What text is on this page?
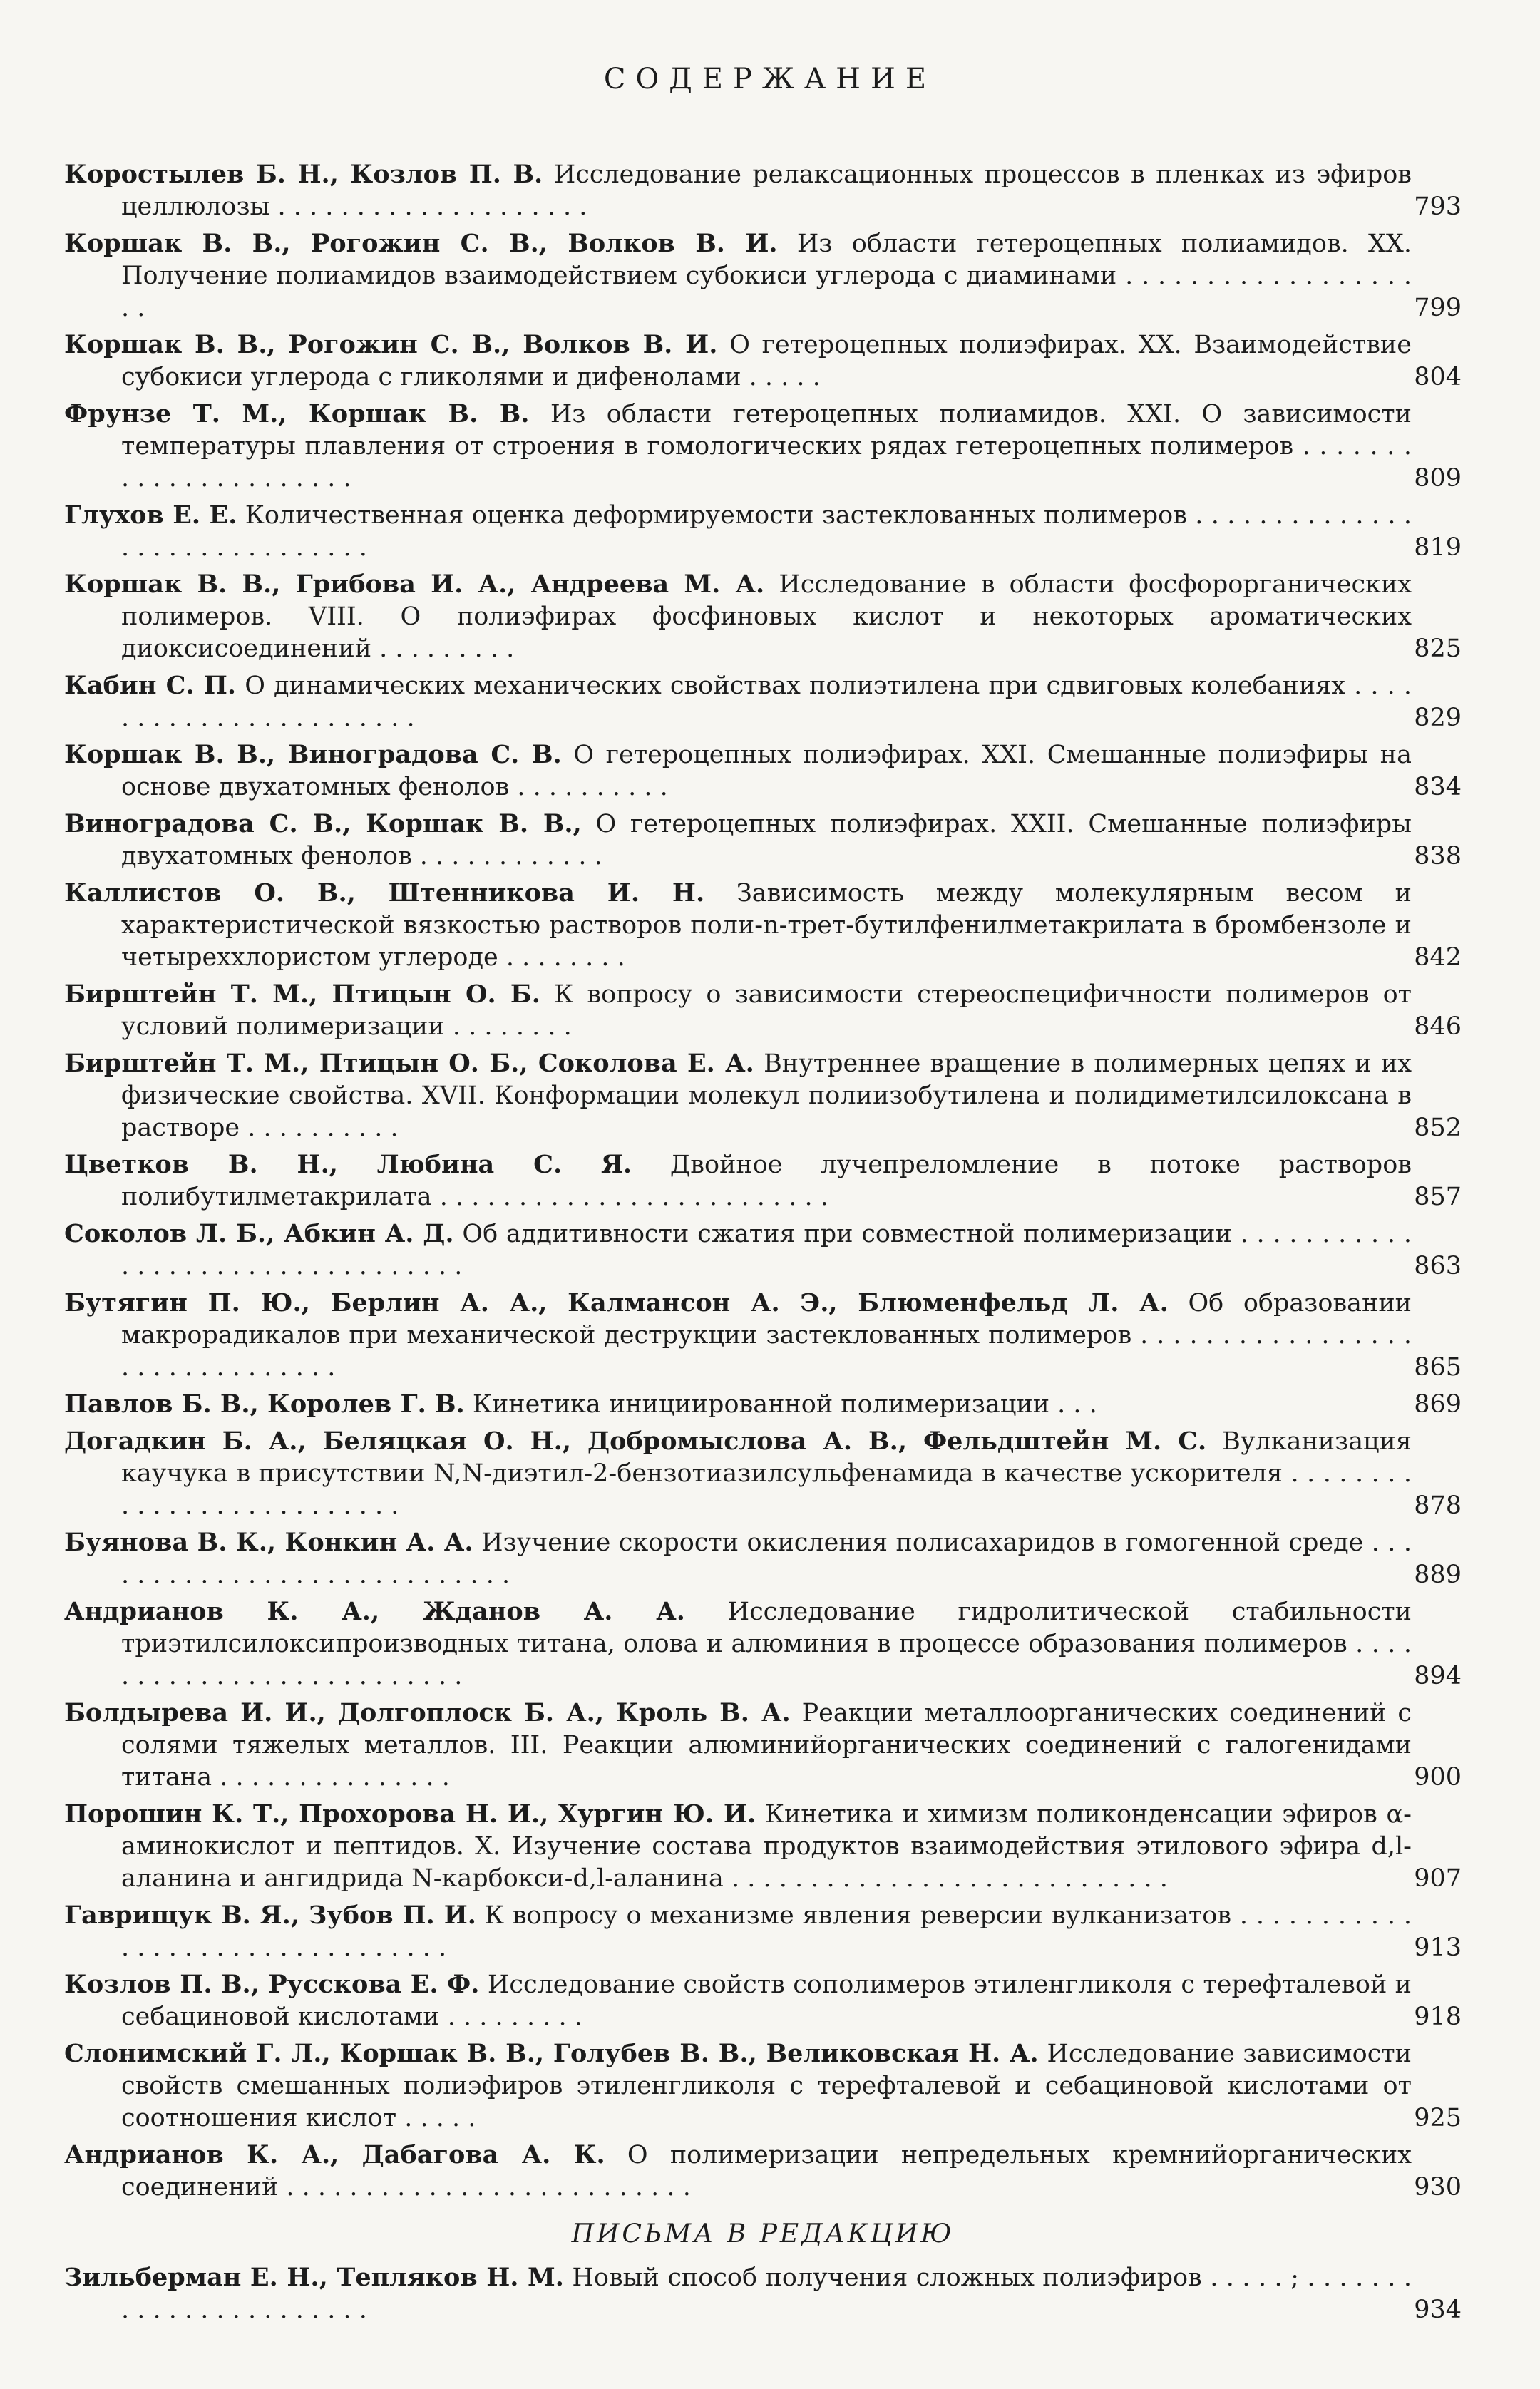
СОДЕРЖАНИЕ
Коростылев Б. Н., Козлов П. В. Исследование релаксационных процессов в пленках из эфиров целлюлозы . . . . . . . . . . . . . . . . . . . .	793
Коршак В. В., Рогожин С. В., Волков В. И. Из области гетероцепных полиамидов. XX. Получение полиамидов взаимодействием субокиси углерода с диаминами . . . . . . . . . . . . . . . . . . . .	799
Коршак В. В., Рогожин С. В., Волков В. И. О гетероцепных полиэфирах. XX. Взаимодействие субокиси углерода с гликолями и дифенолами . . . . .	804
Фрунзе Т. М., Коршак В. В. Из области гетероцепных полиамидов. XXI. О зависимости температуры плавления от строения в гомологических рядах гетероцепных полимеров . . . . . . . . . . . . . . . . . . . . . .	809
Глухов Е. Е. Количественная оценка деформируемости застеклованных полимеров . . . . . . . . . . . . . . . . . . . . . . . . . . . . . .	819
Коршак В. В., Грибова И. А., Андреева М. А. Исследование в области фосфорорганических полимеров. VIII. О полиэфирах фосфиновых кислот и некоторых ароматических диоксисоединений . . . . . . . . .	825
Кабин С. П. О динамических механических свойствах полиэтилена при сдвиговых колебаниях . . . . . . . . . . . . . . . . . . . . . . .	829
Коршак В. В., Виноградова С. В. О гетероцепных полиэфирах. XXI. Смешанные полиэфиры на основе двухатомных фенолов . . . . . . . . . .	834
Виноградова С. В., Коршак В. В., О гетероцепных полиэфирах. XXII. Смешанные полиэфиры двухатомных фенолов . . . . . . . . . . . .	838
Каллистов О. В., Штенникова И. Н. Зависимость между молекулярным весом и характеристической вязкостью растворов поли-n-трет-бутилфенилметакрилата в бромбензоле и четыреххлористом углероде . . . . . . . .	842
Бирштейн Т. М., Птицын О. Б. К вопросу о зависимости стереоспецифичности полимеров от условий полимеризации . . . . . . . .	846
Бирштейн Т. М., Птицын О. Б., Соколова Е. А. Внутреннее вращение в полимерных цепях и их физические свойства. XVII. Конформации молекул полиизобутилена и полидиметилсилоксана в растворе . . . . . . . . . .	852
Цветков В. Н., Любина С. Я. Двойное лучепреломление в потоке растворов полибутилметакрилата . . . . . . . . . . . . . . . . . . . . . . . . .	857
Соколов Л. Б., Абкин А. Д. Об аддитивности сжатия при совместной полимеризации . . . . . . . . . . . . . . . . . . . . . . . . . . . . . . . . .	863
Бутягин П. Ю., Берлин А. А., Калмансон А. Э., Блюменфельд Л. А. Об образовании макрорадикалов при механической деструкции застеклованных полимеров . . . . . . . . . . . . . . . . . . . . . . . . . . . . . . .	865
Павлов Б. В., Королев Г. В. Кинетика инициированной полимеризации . . .	869
Догадкин Б. А., Беляцкая О. Н., Добромыслова А. В., Фельдштейн М. С. Вулканизация каучука в присутствии N,N-диэтил-2-бензотиазилсульфенамида в качестве ускорителя . . . . . . . . . . . . . . . . . . . . . . . . . .	878
Буянова В. К., Конкин А. А. Изучение скорости окисления полисахаридов в гомогенной среде . . . . . . . . . . . . . . . . . . . . . . . . . . . .	889
Андрианов К. А., Жданов А. А. Исследование гидролитической стабильности триэтилсилоксипроизводных титана, олова и алюминия в процессе образования полимеров . . . . . . . . . . . . . . . . . . . . . . . . . .	894
Болдырева И. И., Долгоплоск Б. А., Кроль В. А. Реакции металлоорганических соединений с солями тяжелых металлов. III. Реакции алюминийорганических соединений с галогенидами титана . . . . . . . . . . . . . . .	900
Порошин К. Т., Прохорова Н. И., Хургин Ю. И. Кинетика и химизм поликонденсации эфиров α-аминокислот и пептидов. X. Изучение состава продуктов взаимодействия этилового эфира d,l-аланина и ангидрида N-карбокси-d,l-аланина . . . . . . . . . . . . . . . . . . . . . . . . . . . .	907
Гаврищук В. Я., Зубов П. И. К вопросу о механизме явления реверсии вулканизатов . . . . . . . . . . . . . . . . . . . . . . . . . . . . . . . .	913
Козлов П. В., Русскова Е. Ф. Исследование свойств сополимеров этиленгликоля с терефталевой и себациновой кислотами . . . . . . . . .	918
Слонимский Г. Л., Коршак В. В., Голубев В. В., Великовская Н. А. Исследование зависимости свойств смешанных полиэфиров этиленгликоля с терефталевой и себациновой кислотами от соотношения кислот . . . . .	925
Андрианов К. А., Дабагова А. К. О полимеризации непредельных кремнийорганических соединений . . . . . . . . . . . . . . . . . . . . . . . . . .	930
ПИСЬМА В РЕДАКЦИЮ
Зильберман Е. Н., Тепляков Н. М. Новый способ получения сложных полиэфиров . . . . . ; . . . . . . . . . . . . . . . . . . . . . . .	934
